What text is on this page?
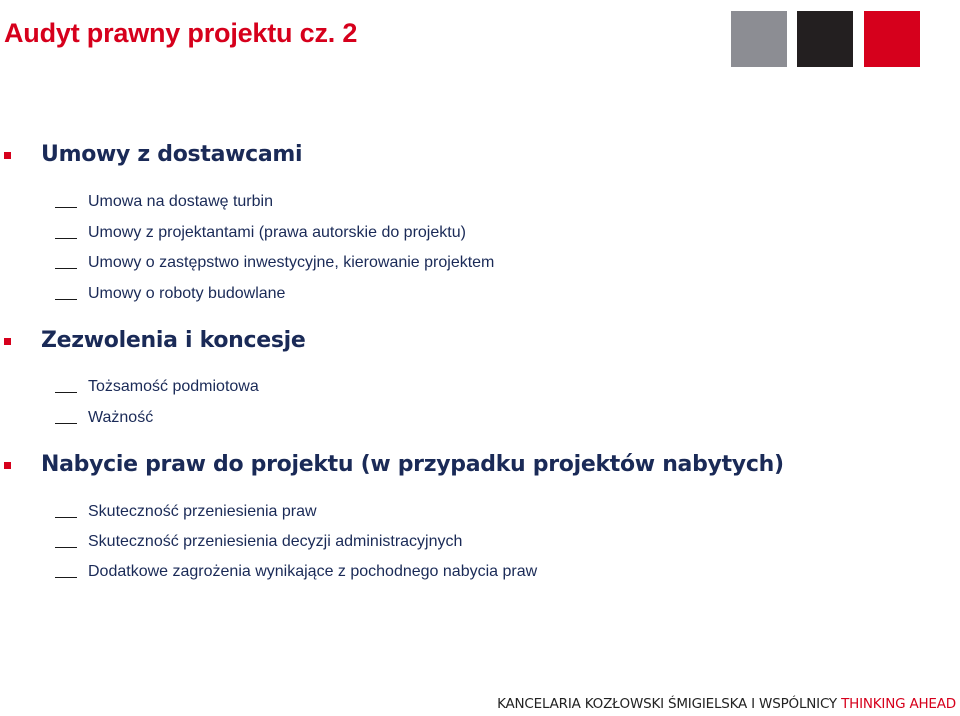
Audyt prawny projektu cz. 2
Umowy z dostawcami
Umowa na dostawę turbin
Umowy z projektantami (prawa autorskie do projektu)
Umowy o zastępstwo inwestycyjne, kierowanie projektem
Umowy o roboty budowlane
Zezwolenia i koncesje
Tożsamość podmiotowa
Ważność
Nabycie praw do projektu (w przypadku projektów nabytych)
Skuteczność przeniesienia praw
Skuteczność przeniesienia decyzji administracyjnych
Dodatkowe zagrożenia wynikające z pochodnego nabycia praw
KANCELARIA KOZŁOWSKI ŚMIGIELSKA I WSPÓLNICY THINKING AHEAD
